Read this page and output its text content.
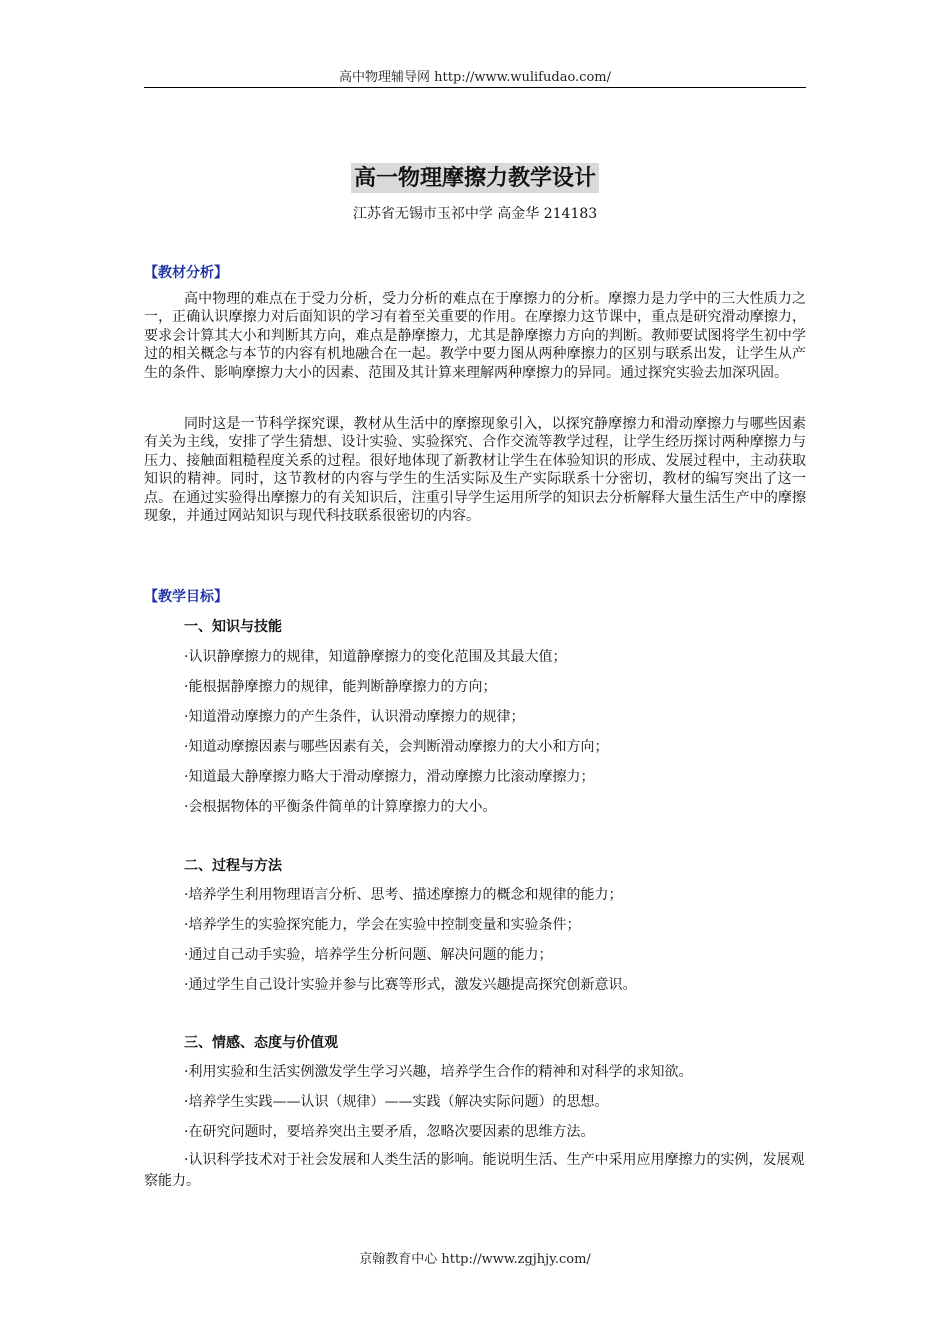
高中物理辅导网 http://www.wulifudao.com/
高一物理摩擦力教学设计
江苏省无锡市玉祁中学 高金华 214183
【教材分析】
高中物理的难点在于受力分析，受力分析的难点在于摩擦力的分析。摩擦力是力学中的三大性质力之一，正确认识摩擦力对后面知识的学习有着至关重要的作用。在摩擦力这节课中，重点是研究滑动摩擦力，要求会计算其大小和判断其方向，难点是静摩擦力，尤其是静摩擦力方向的判断。教师要试图将学生初中学过的相关概念与本节的内容有机地融合在一起。教学中要力图从两种摩擦力的区别与联系出发，让学生从产生的条件、影响摩擦力大小的因素、范围及其计算来理解两种摩擦力的异同。通过探究实验去加深巩固。
同时这是一节科学探究课，教材从生活中的摩擦现象引入，以探究静摩擦力和滑动摩擦力与哪些因素有关为主线，安排了学生猜想、设计实验、实验探究、合作交流等教学过程，让学生经历探讨两种摩擦力与压力、接触面粗糙程度关系的过程。很好地体现了新教材让学生在体验知识的形成、发展过程中，主动获取知识的精神。同时，这节教材的内容与学生的生活实际及生产实际联系十分密切，教材的编写突出了这一点。在通过实验得出摩擦力的有关知识后，注重引导学生运用所学的知识去分析解释大量生活生产中的摩擦现象，并通过网站知识与现代科技联系很密切的内容。
【教学目标】
一、知识与技能
·认识静摩擦力的规律，知道静摩擦力的变化范围及其最大值；
·能根据静摩擦力的规律，能判断静摩擦力的方向；
·知道滑动摩擦力的产生条件，认识滑动摩擦力的规律；
·知道动摩擦因素与哪些因素有关，会判断滑动摩擦力的大小和方向；
·知道最大静摩擦力略大于滑动摩擦力，滑动摩擦力比滚动摩擦力；
·会根据物体的平衡条件简单的计算摩擦力的大小。
二、过程与方法
·培养学生利用物理语言分析、思考、描述摩擦力的概念和规律的能力；
·培养学生的实验探究能力，学会在实验中控制变量和实验条件；
·通过自己动手实验，培养学生分析问题、解决问题的能力；
·通过学生自己设计实验并参与比赛等形式，激发兴趣提高探究创新意识。
三、情感、态度与价值观
·利用实验和生活实例激发学生学习兴趣，培养学生合作的精神和对科学的求知欲。
·培养学生实践——认识（规律）——实践（解决实际问题）的思想。
·在研究问题时，要培养突出主要矛盾，忽略次要因素的思维方法。
·认识科学技术对于社会发展和人类生活的影响。能说明生活、生产中采用应用摩擦力的实例，发展观察能力。
京翰教育中心 http://www.zgjhjy.com/
